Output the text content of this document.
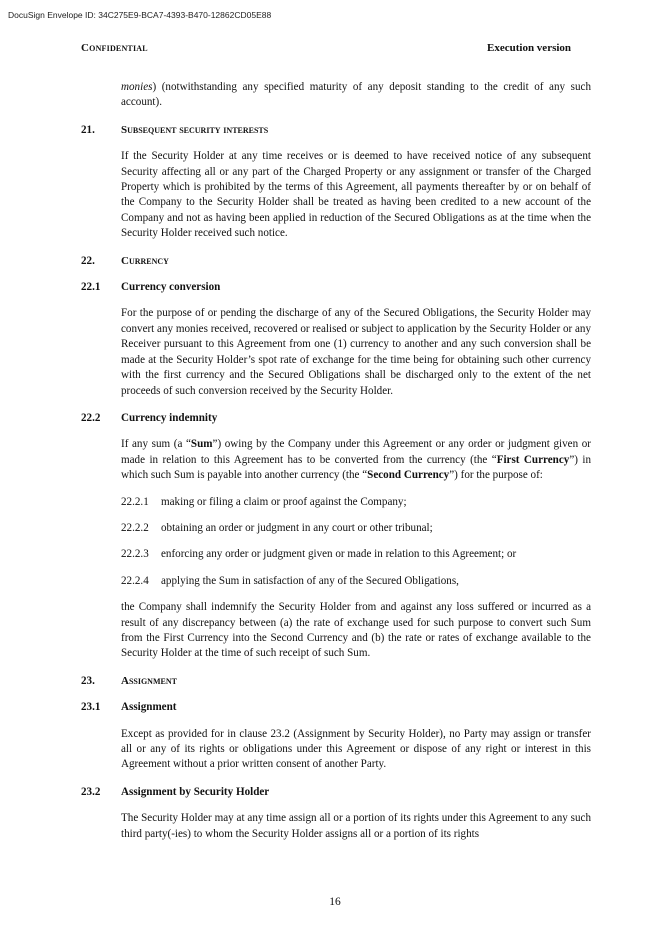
DocuSign Envelope ID: 34C275E9-BCA7-4393-B470-12862CD05E88
Confidential	Execution version

monies) (notwithstanding any specified maturity of any deposit standing to the credit of any such account).

21.	Subsequent security interests

If the Security Holder at any time receives or is deemed to have received notice of any subsequent Security affecting all or any part of the Charged Property or any assignment or transfer of the Charged Property which is prohibited by the terms of this Agreement, all payments thereafter by or on behalf of the Company to the Security Holder shall be treated as having been credited to a new account of the Company and not as having been applied in reduction of the Secured Obligations as at the time when the Security Holder received such notice.

22.	Currency
22.1	Currency conversion

For the purpose of or pending the discharge of any of the Secured Obligations, the Security Holder may convert any monies received, recovered or realised or subject to application by the Security Holder or any Receiver pursuant to this Agreement from one (1) currency to another and any such conversion shall be made at the Security Holder’s spot rate of exchange for the time being for obtaining such other currency with the first currency and the Secured Obligations shall be discharged only to the extent of the net proceeds of such conversion received by the Security Holder.

22.2	Currency indemnity

If any sum (a “Sum”) owing by the Company under this Agreement or any order or judgment given or made in relation to this Agreement has to be converted from the currency (the “First Currency”) in which such Sum is payable into another currency (the “Second Currency”) for the purpose of:

22.2.1	making or filing a claim or proof against the Company;
22.2.2	obtaining an order or judgment in any court or other tribunal;
22.2.3	enforcing any order or judgment given or made in relation to this Agreement; or
22.2.4	applying the Sum in satisfaction of any of the Secured Obligations,

the Company shall indemnify the Security Holder from and against any loss suffered or incurred as a result of any discrepancy between (a) the rate of exchange used for such purpose to convert such Sum from the First Currency into the Second Currency and (b) the rate or rates of exchange available to the Security Holder at the time of such receipt of such Sum.

23.	Assignment
23.1	Assignment

Except as provided for in clause 23.2 (Assignment by Security Holder), no Party may assign or transfer all or any of its rights or obligations under this Agreement or dispose of any right or interest in this Agreement without a prior written consent of another Party.

23.2	Assignment by Security Holder

The Security Holder may at any time assign all or a portion of its rights under this Agreement to any such third party(-ies) to whom the Security Holder assigns all or a portion of its rights

16
